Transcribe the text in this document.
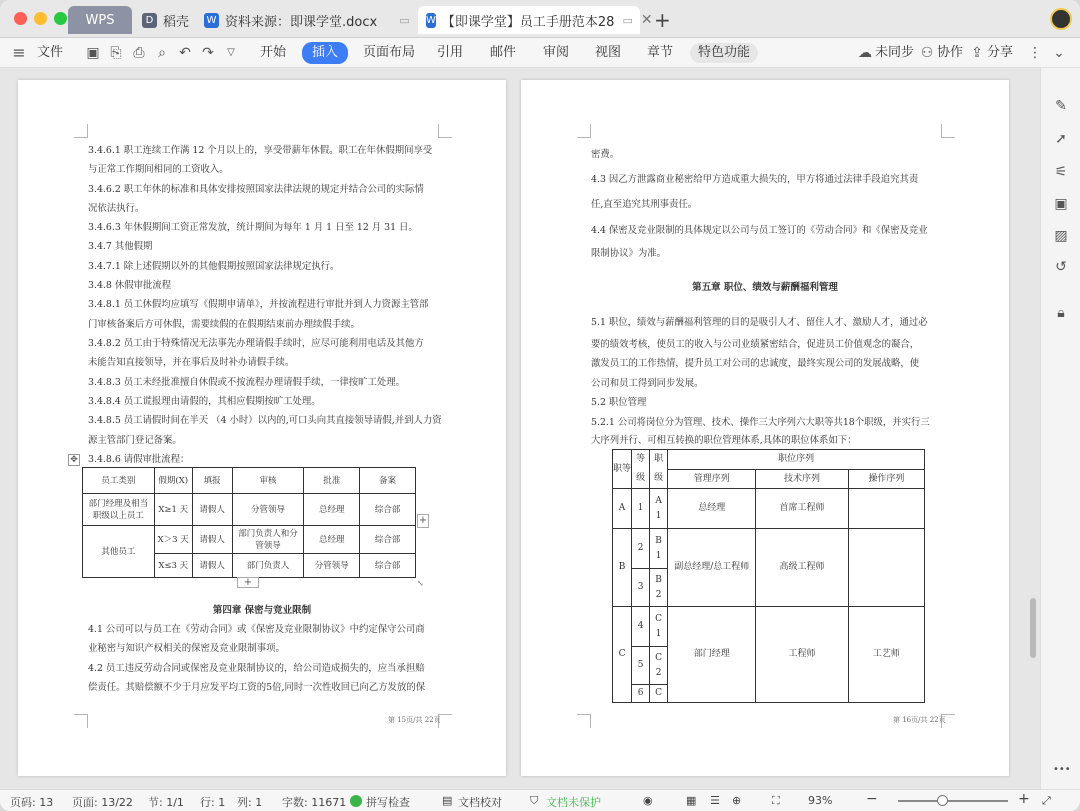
WPS	D 稻壳 W 资料来源：即课学堂.docx ▭ W 【即课学堂】员工手册范本28 ▭ ✕ +
≡ 文件 ▣ ⎘ ⎙ ⌕ ↶ ↷	▽	开始	插入	页面布局 引用 邮件 审阅 视图 章节	特色功能	☁ 未同步 ⚇ 协作 ⇪ 分享 ⋮ ⌄
3.4.6.1 职工连续工作满 12 个月以上的，享受带薪年休假。职工在年休假期间享受
与正常工作期间相同的工资收入。
3.4.6.2 职工年休的标准和具体安排按照国家法律法规的规定并结合公司的实际情
况依法执行。
3.4.6.3 年休假期间工资正常发放，统计期间为每年 1 月 1 日至 12 月 31 日。
3.4.7 其他假期
3.4.7.1 除上述假期以外的其他假期按照国家法律规定执行。
3.4.8 休假审批流程
3.4.8.1 员工休假均应填写《假期申请单》，并按流程进行审批并到人力资源主管部
门审核备案后方可休假，需要续假的在假期结束前办理续假手续。
3.4.8.2 员工由于特殊情况无法事先办理请假手续时，应尽可能利用电话及其他方
未能告知直接领导，并在事后及时补办请假手续。
3.4.8.3 员工未经批准擅自休假或不按流程办理请假手续，一律按旷工处理。
3.4.8.4 员工谎报理由请假的，其相应假期按旷工处理。
3.4.8.5 员工请假时间在半天 （4 小时）以内的,可口头向其直接领导请假,并到人力资
源主管部门登记备案。
3.4.8.6 请假审批流程：
✥
员工类别	假期(X)	填报	审核	批准	备案
部门经理及相当职级以上员工	X≥1 天	请假人	分管领导	总经理	综合部
其他员工	X＞3 天	请假人	部门负责人和分管领导	总经理	综合部
	X≤3 天	请假人	部门负责人	分管领导	综合部
+
+	⤡
第四章 保密与竞业限制
4.1 公司可以与员工在《劳动合同》或《保密及竞业限制协议》中约定保守公司商
业秘密与知识产权相关的保密及竞业限制事项。
4.2 员工违反劳动合同或保密及竞业限制协议的，给公司造成损失的，应当承担赔
偿责任。其赔偿额不少于月应发平均工资的5倍,同时一次性收回已向乙方发放的保
第 15页/共 22页
密费。
4.3 因乙方泄露商业秘密给甲方造成重大损失的，甲方将通过法律手段追究其责
任,直至追究其刑事责任。
4.4 保密及竞业限制的具体规定以公司与员工签订的《劳动合同》和《保密及竞业
限制协议》为准。
第五章 职位、绩效与薪酬福利管理
5.1 职位，绩效与薪酬福利管理的目的是吸引人才、留住人才、激励人才，通过必
要的绩效考核，使员工的收入与公司业绩紧密结合，促进员工价值观念的凝合，
激发员工的工作热情，提升员工对公司的忠诚度，最终实现公司的发展战略，使
公司和员工得到同步发展。
5.2 职位管理
5.2.1 公司将岗位分为管理、技术、操作三大序列六大职等共18个职级，并实行三
大序列并行、可相互转换的职位管理体系,具体的职位体系如下：
职等	等级	职级	职位序列		
			管理序列	技术序列	操作序列
A	1	A1	总经理	首席工程师	
B	2	B1	副总经理/总工程师	高级工程师	
	3	B2			
C	4	C1	部门经理	工程师	工艺师
	5	C2			
	6	C			
第 16页/共 22页
✎
➚
⚟
▣
▨
↺
🔒︎
•••
页码: 13 页面: 13/22 节: 1/1 行: 1 列: 1 字数: 11671 拼写检查	▤ 文档校对	⛉ 文档未保护	◉	▦ ☰ ⊕	⛶	93% −	+ ⤢
